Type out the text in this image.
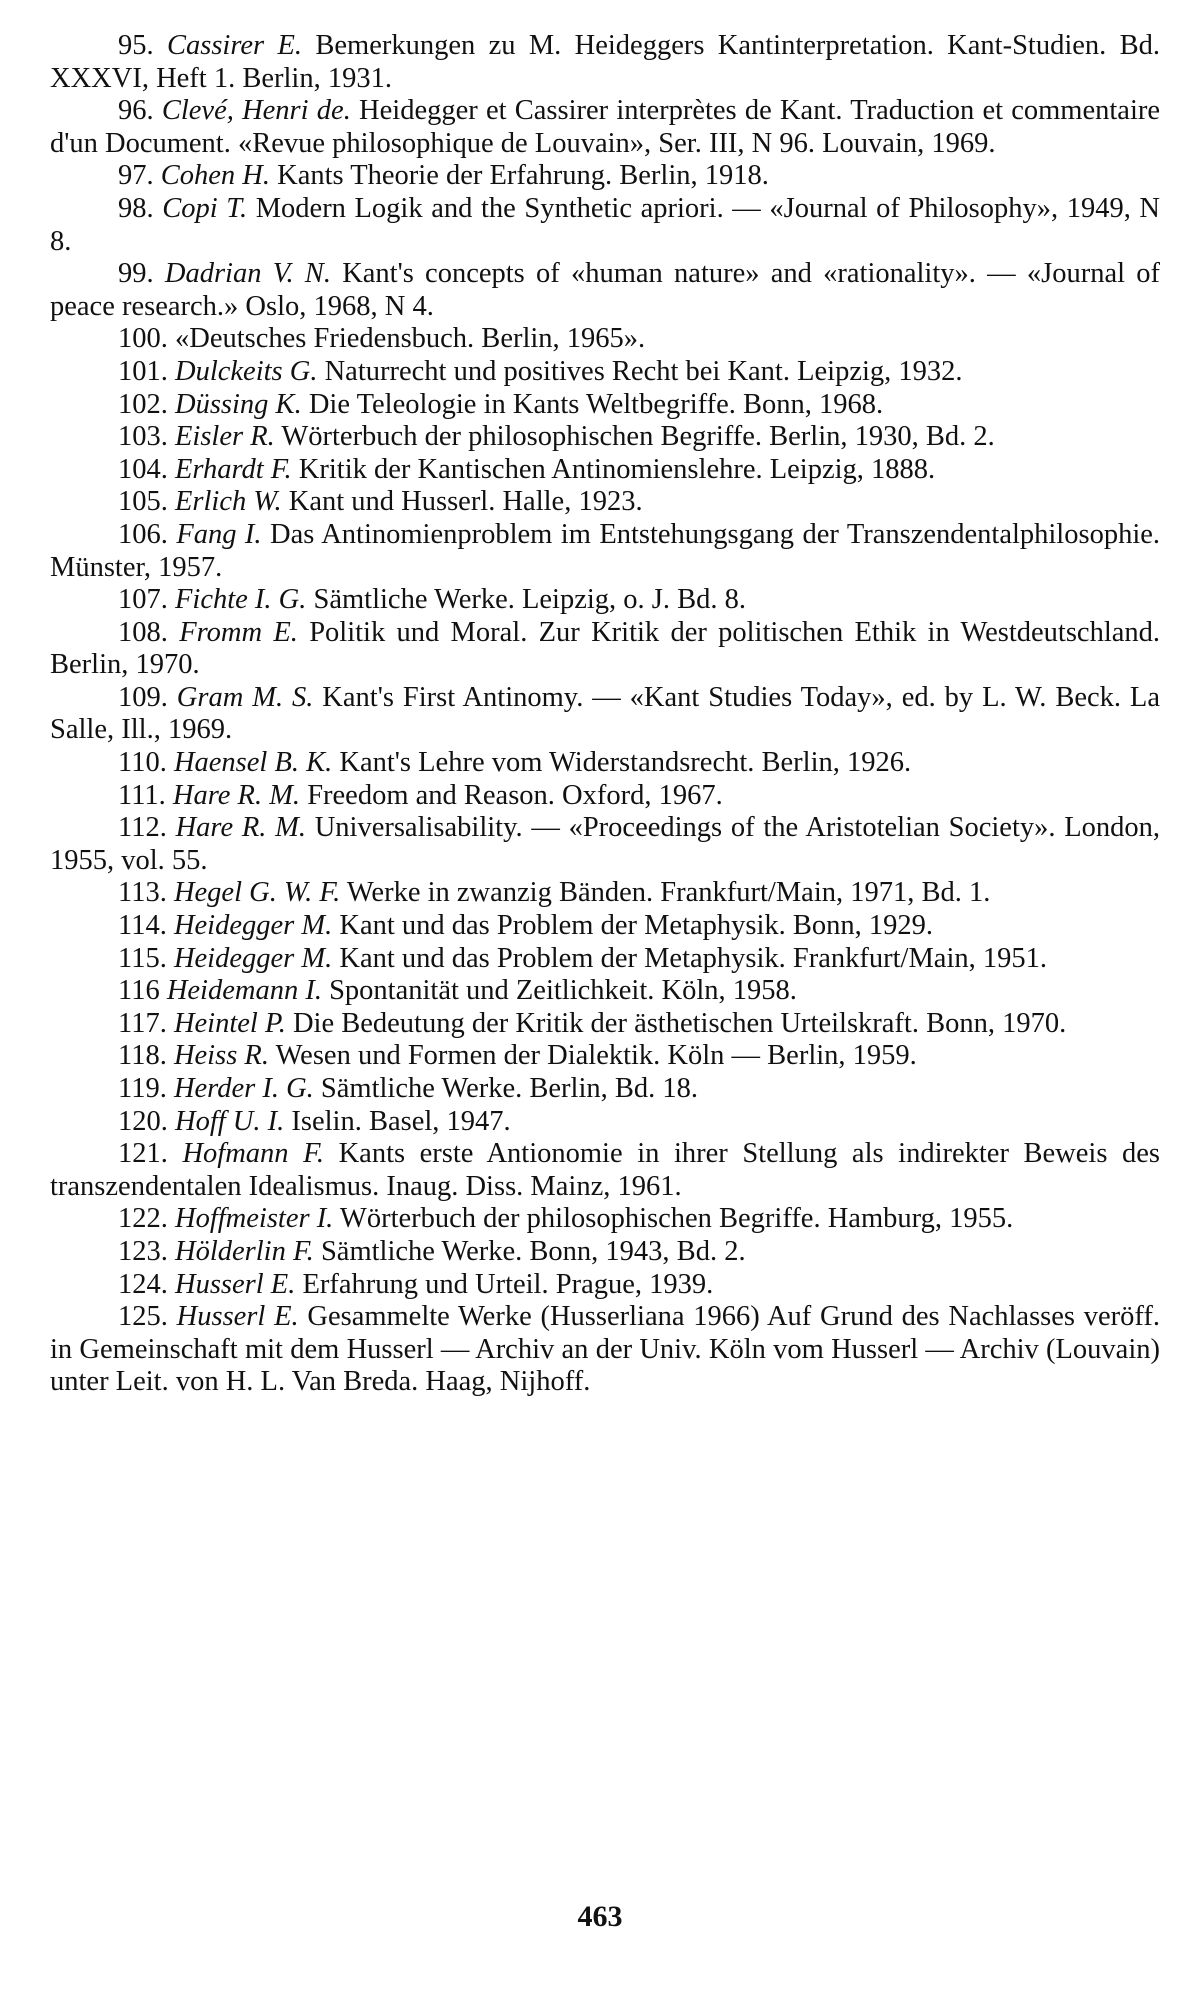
95. Cassirer E. Bemerkungen zu M. Heideggers Kantinterpretation. Kant-Studien. Bd. XXXVI, Heft 1. Berlin, 1931.

96. Clevé, Henri de. Heidegger et Cassirer interprètes de Kant. Traduction et commentaire d'un Document. «Revue philosophique de Louvain», Ser. III, N 96. Louvain, 1969.

97. Cohen H. Kants Theorie der Erfahrung. Berlin, 1918.

98. Copi T. Modern Logik and the Synthetic apriori. — «Journal of Philosophy», 1949, N 8.

99. Dadrian V. N. Kant's concepts of «human nature» and «rationality». — «Journal of peace research.» Oslo, 1968, N 4.

100. «Deutsches Friedensbuch. Berlin, 1965».

101. Dulckeits G. Naturrecht und positives Recht bei Kant. Leipzig, 1932.

102. Düssing K. Die Teleologie in Kants Weltbegriffe. Bonn, 1968.

103. Eisler R. Wörterbuch der philosophischen Begriffe. Berlin, 1930, Bd. 2.

104. Erhardt F. Kritik der Kantischen Antinomienslehre. Leipzig, 1888.

105. Erlich W. Kant und Husserl. Halle, 1923.

106. Fang I. Das Antinomienproblem im Entstehungsgang der Transzendentalphilosophie. Münster, 1957.

107. Fichte I. G. Sämtliche Werke. Leipzig, o. J. Bd. 8.

108. Fromm E. Politik und Moral. Zur Kritik der politischen Ethik in Westdeutschland. Berlin, 1970.

109. Gram M. S. Kant's First Antinomy. — «Kant Studies Today», ed. by L. W. Beck. La Salle, Ill., 1969.

110. Haensel B. K. Kant's Lehre vom Widerstandsrecht. Berlin, 1926.

111. Hare R. M. Freedom and Reason. Oxford, 1967.

112. Hare R. M. Universalisability. — «Proceedings of the Aristotelian Society». London, 1955, vol. 55.

113. Hegel G. W. F. Werke in zwanzig Bänden. Frankfurt/Main, 1971, Bd. 1.

114. Heidegger M. Kant und das Problem der Metaphysik. Bonn, 1929.

115. Heidegger M. Kant und das Problem der Metaphysik. Frankfurt/Main, 1951.

116 Heidemann I. Spontanität und Zeitlichkeit. Köln, 1958.

117. Heintel P. Die Bedeutung der Kritik der ästhetischen Urteilskraft. Bonn, 1970.

118. Heiss R. Wesen und Formen der Dialektik. Köln — Berlin, 1959.

119. Herder I. G. Sämtliche Werke. Berlin, Bd. 18.

120. Hoff U. I. Iselin. Basel, 1947.

121. Hofmann F. Kants erste Antionomie in ihrer Stellung als indirekter Beweis des transzendentalen Idealismus. Inaug. Diss. Mainz, 1961.

122. Hoffmeister I. Wörterbuch der philosophischen Begriffe. Hamburg, 1955.

123. Hölderlin F. Sämtliche Werke. Bonn, 1943, Bd. 2.

124. Husserl E. Erfahrung und Urteil. Prague, 1939.

125. Husserl E. Gesammelte Werke (Husserliana 1966) Auf Grund des Nachlasses veröff. in Gemeinschaft mit dem Husserl — Archiv an der Univ. Köln vom Husserl — Archiv (Louvain) unter Leit. von H. L. Van Breda. Haag, Nijhoff.

463
